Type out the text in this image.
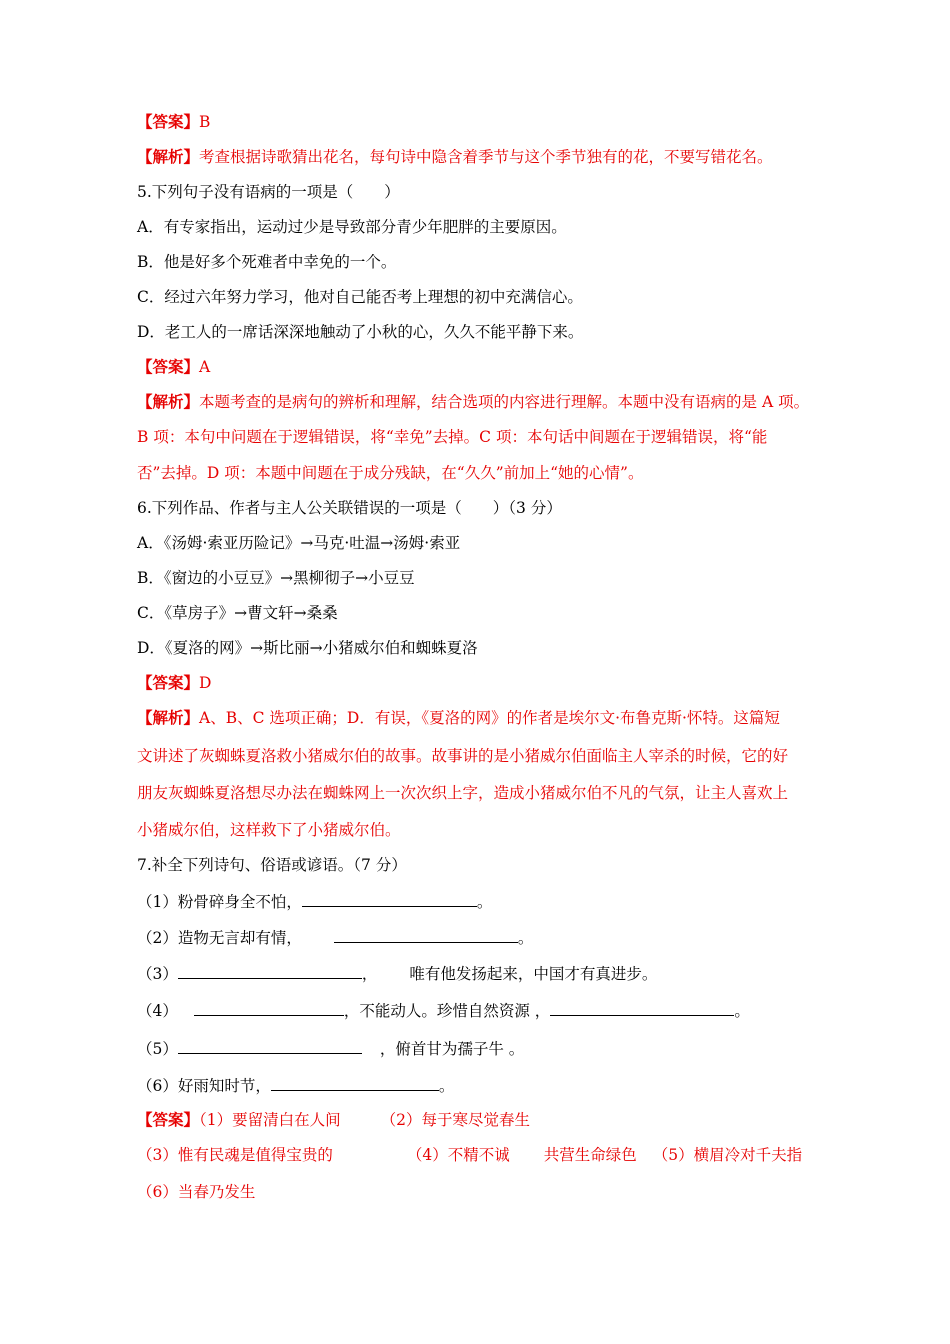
【答案】B
【解析】考查根据诗歌猜出花名，每句诗中隐含着季节与这个季节独有的花，不要写错花名。
5.下列句子没有语病的一项是（　　）
A．有专家指出，运动过少是导致部分青少年肥胖的主要原因。
B．他是好多个死难者中幸免的一个。
C．经过六年努力学习，他对自己能否考上理想的初中充满信心。
D．老工人的一席话深深地触动了小秋的心，久久不能平静下来。
【答案】A
【解析】本题考查的是病句的辨析和理解，结合选项的内容进行理解。本题中没有语病的是 A 项。
B 项：本句中问题在于逻辑错误，将“幸免”去掉。C 项：本句话中间题在于逻辑错误，将“能
否”去掉。D 项：本题中间题在于成分残缺，在“久久”前加上“她的心情”。
6.下列作品、作者与主人公关联错误的一项是（　　）（3 分）
A．《汤姆·索亚历险记》→马克·吐温→汤姆·索亚
B．《窗边的小豆豆》→黑柳彻子→小豆豆
C．《草房子》→曹文轩→桑桑
D．《夏洛的网》→斯比丽→小猪威尔伯和蜘蛛夏洛
【答案】D
【解析】A、B、C 选项正确；D．有误，《夏洛的网》的作者是埃尔文·布鲁克斯·怀特。这篇短
文讲述了灰蜘蛛夏洛救小猪威尔伯的故事。故事讲的是小猪威尔伯面临主人宰杀的时候，它的好
朋友灰蜘蛛夏洛想尽办法在蜘蛛网上一次次织上字，造成小猪威尔伯不凡的气氛，让主人喜欢上
小猪威尔伯，这样救下了小猪威尔伯。
7.补全下列诗句、俗语或谚语。（7 分）
（1）粉骨碎身全不怕，	。
（2）造物无言却有情，	。
（3）	， 唯有他发扬起来，中国才有真进步。
（4）	，不能动人。珍惜自然资源 ，	。
（5）	，俯首甘为孺子牛 。
（6）好雨知时节，	。
【答案】（1）要留清白在人间	（2）每于寒尽觉春生
（3）惟有民魂是值得宝贵的	（4）不精不诚 共营生命绿色 （5）横眉冷对千夫指
（6）当春乃发生
